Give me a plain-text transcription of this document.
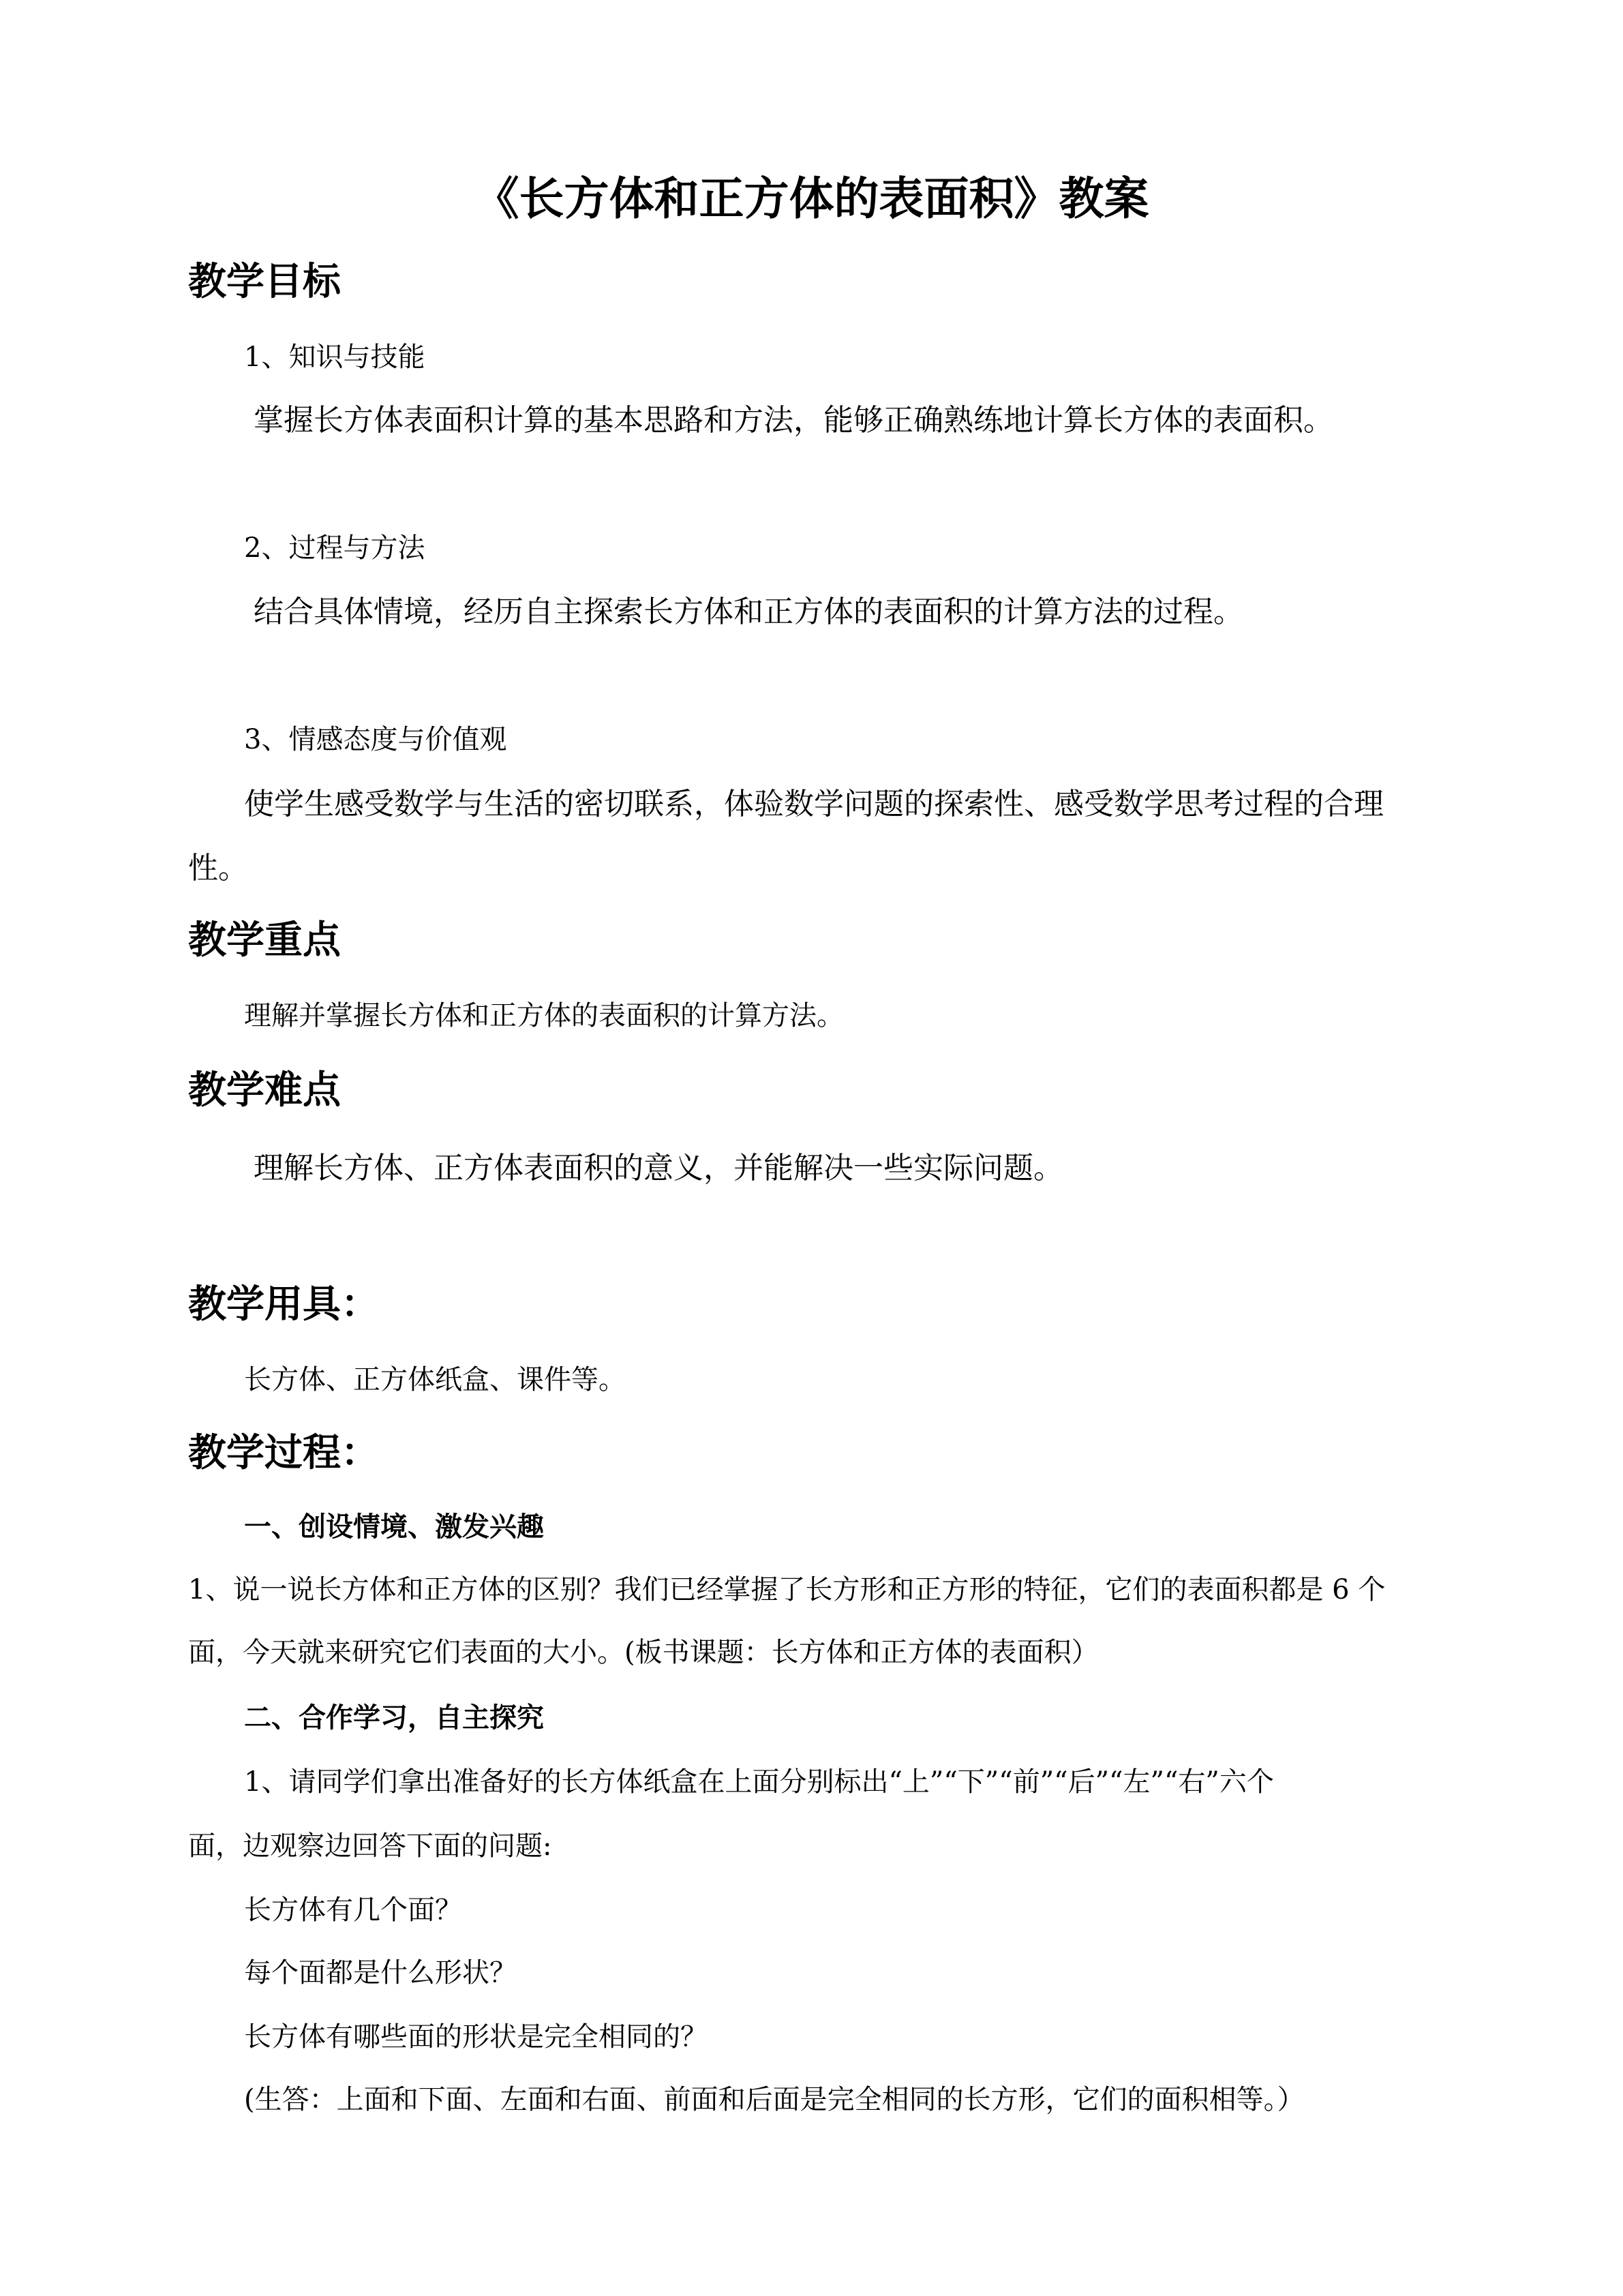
《长方体和正方体的表面积》教案
教学目标
1、知识与技能
掌握长方体表面积计算的基本思路和方法，能够正确熟练地计算长方体的表面积。
2、过程与方法
结合具体情境，经历自主探索长方体和正方体的表面积的计算方法的过程。
3、情感态度与价值观
使学生感受数学与生活的密切联系，体验数学问题的探索性、感受数学思考过程的合理
性。
教学重点
理解并掌握长方体和正方体的表面积的计算方法。
教学难点
理解长方体、正方体表面积的意义，并能解决一些实际问题。
教学用具：
长方体、正方体纸盒、课件等。
教学过程：
一、创设情境、激发兴趣
1、说一说长方体和正方体的区别？我们已经掌握了长方形和正方形的特征，它们的表面积都是 6 个
面，今天就来研究它们表面的大小。(板书课题：长方体和正方体的表面积）
二、合作学习，自主探究
1、请同学们拿出准备好的长方体纸盒在上面分别标出“上”“下”“前”“后”“左”“右”六个
面，边观察边回答下面的问题:
长方体有几个面？
每个面都是什么形状？
长方体有哪些面的形状是完全相同的？
(生答：上面和下面、左面和右面、前面和后面是完全相同的长方形，它们的面积相等。）
